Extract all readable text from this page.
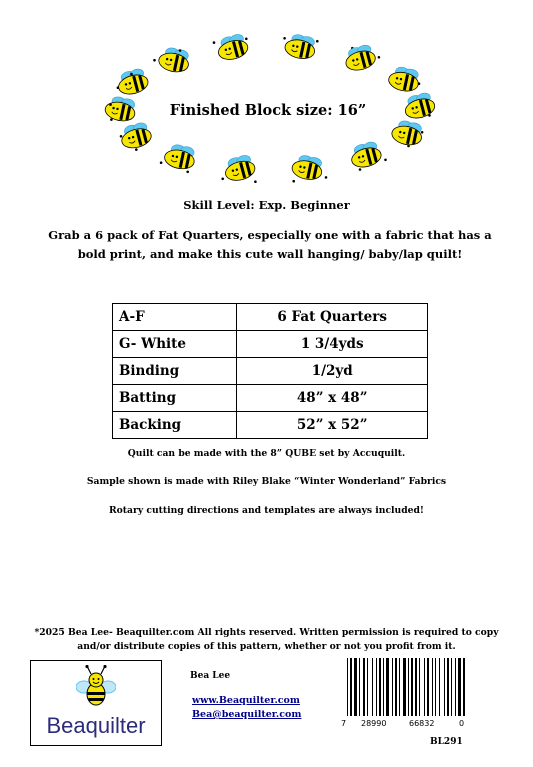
Finished Block size: 16”
Skill Level: Exp. Beginner
Grab a 6 pack of Fat Quarters, especially one with a fabric that has a bold print, and make this cute wall hanging/ baby/lap quilt!
A-F	6 Fat Quarters
G- White	1 3/4yds
Binding	1/2yd
Batting	48” x 48”
Backing	52” x 52”
Quilt can be made with the 8” QUBE set by Accuquilt.
Sample shown is made with Riley Blake “Winter Wonderland” Fabrics
Rotary cutting directions and templates are always included!
*2025 Bea Lee- Beaquilter.com All rights reserved. Written permission is required to copy and/or distribute copies of this pattern, whether or not you profit from it.
Beaquilter
Bea Lee
www.Beaquilter.com
Bea@beaquilter.com
7 28990	66832	0
BL291
